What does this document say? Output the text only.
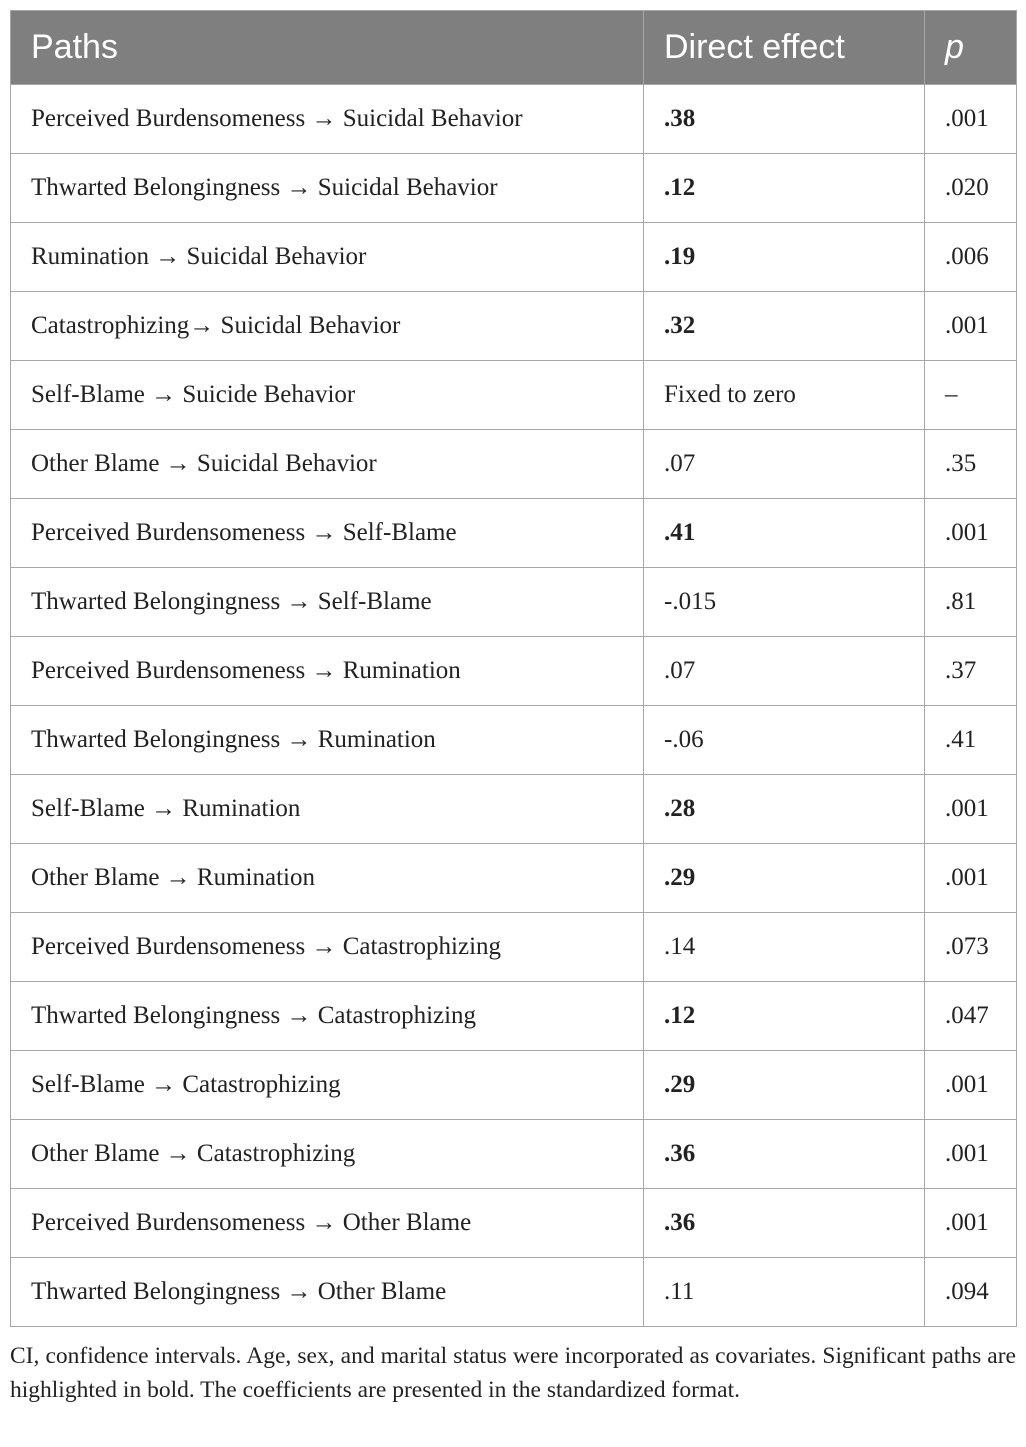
Paths	Direct effect	p
Perceived Burdensomeness → Suicidal Behavior	.38	.001
Thwarted Belongingness → Suicidal Behavior	.12	.020
Rumination → Suicidal Behavior	.19	.006
Catastrophizing→ Suicidal Behavior	.32	.001
Self-Blame → Suicide Behavior	Fixed to zero	–
Other Blame → Suicidal Behavior	.07	.35
Perceived Burdensomeness → Self-Blame	.41	.001
Thwarted Belongingness → Self-Blame	-.015	.81
Perceived Burdensomeness → Rumination	.07	.37
Thwarted Belongingness → Rumination	-.06	.41
Self-Blame → Rumination	.28	.001
Other Blame → Rumination	.29	.001
Perceived Burdensomeness → Catastrophizing	.14	.073
Thwarted Belongingness → Catastrophizing	.12	.047
Self-Blame → Catastrophizing	.29	.001
Other Blame → Catastrophizing	.36	.001
Perceived Burdensomeness → Other Blame	.36	.001
Thwarted Belongingness → Other Blame	.11	.094

CI, confidence intervals. Age, sex, and marital status were incorporated as covariates. Significant paths are highlighted in bold. The coefficients are presented in the standardized format.
